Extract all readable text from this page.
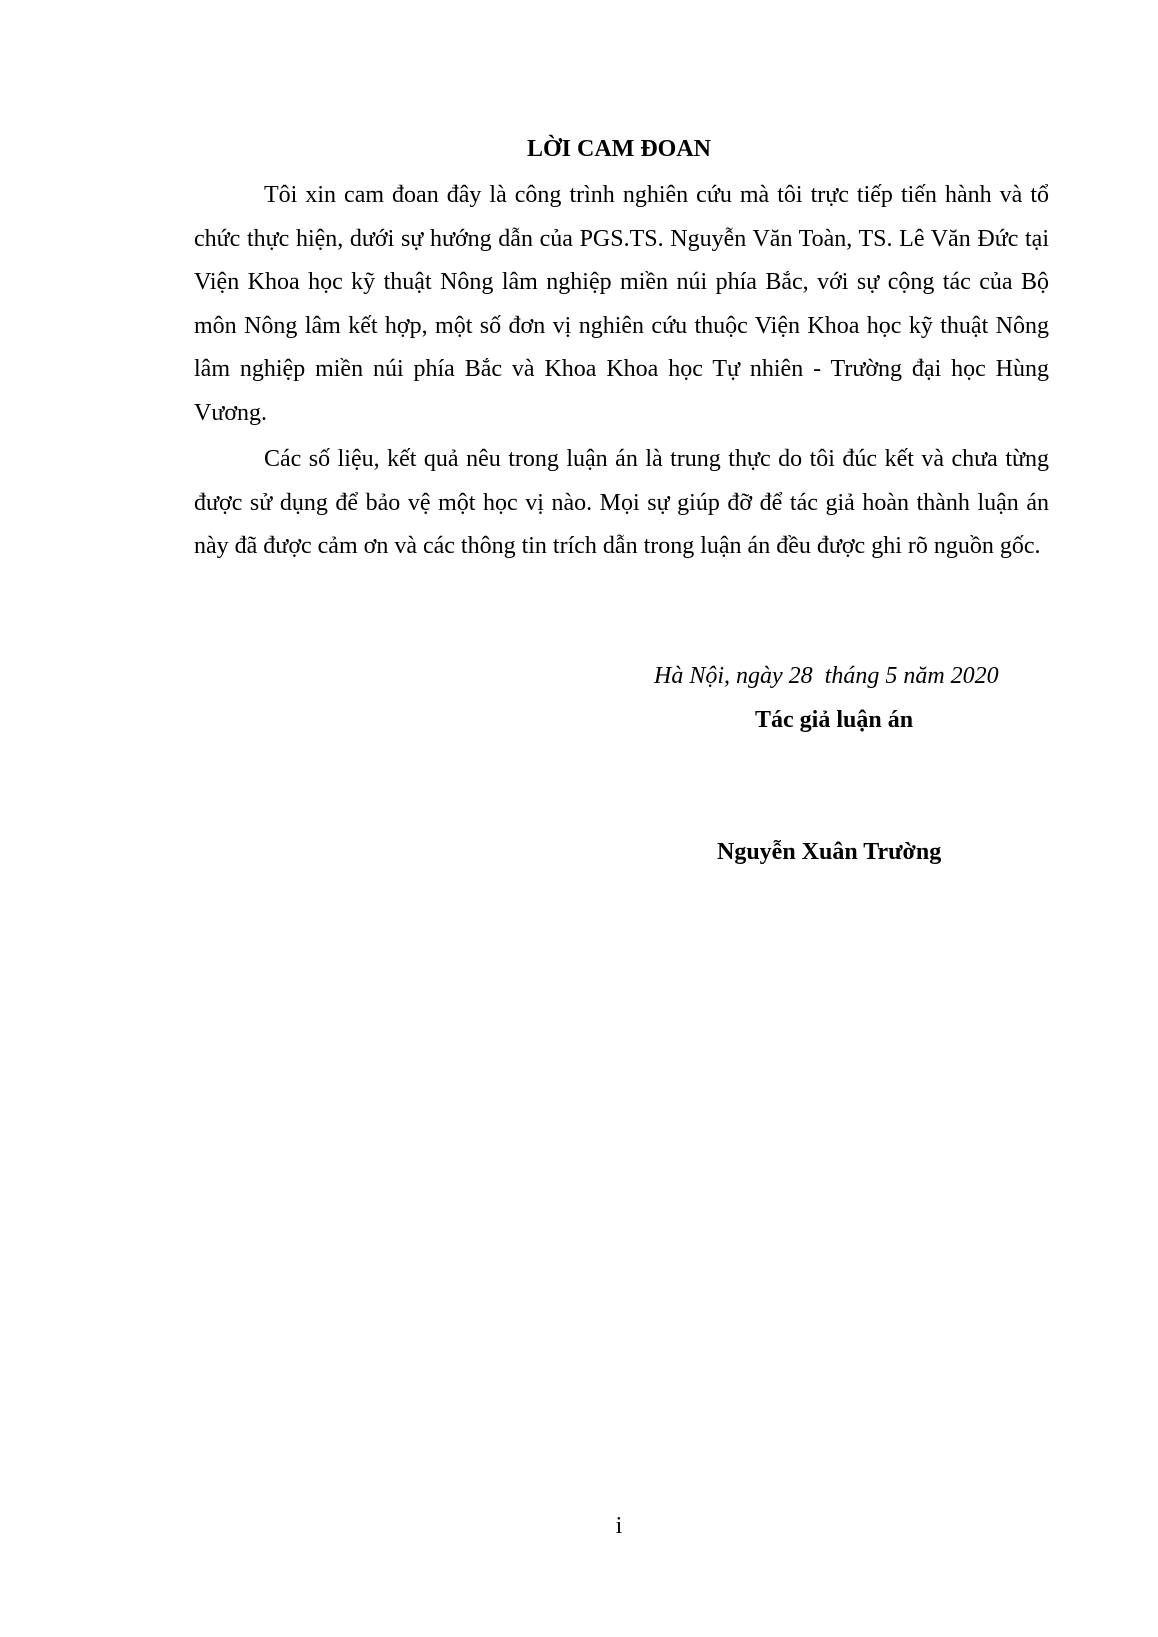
LỜI CAM ĐOAN

Tôi xin cam đoan đây là công trình nghiên cứu mà tôi trực tiếp tiến hành và tổ chức thực hiện, dưới sự hướng dẫn của PGS.TS. Nguyễn Văn Toàn, TS. Lê Văn Đức tại Viện Khoa học kỹ thuật Nông lâm nghiệp miền núi phía Bắc, với sự cộng tác của Bộ môn Nông lâm kết hợp, một số đơn vị nghiên cứu thuộc Viện Khoa học kỹ thuật Nông lâm nghiệp miền núi phía Bắc và Khoa Khoa học Tự nhiên - Trường đại học Hùng Vương.

Các số liệu, kết quả nêu trong luận án là trung thực do tôi đúc kết và chưa từng được sử dụng để bảo vệ một học vị nào. Mọi sự giúp đỡ để tác giả hoàn thành luận án này đã được cảm ơn và các thông tin trích dẫn trong luận án đều được ghi rõ nguồn gốc.

Hà Nội, ngày 28  tháng 5 năm 2020
Tác giả luận án
Nguyễn Xuân Trường
i
